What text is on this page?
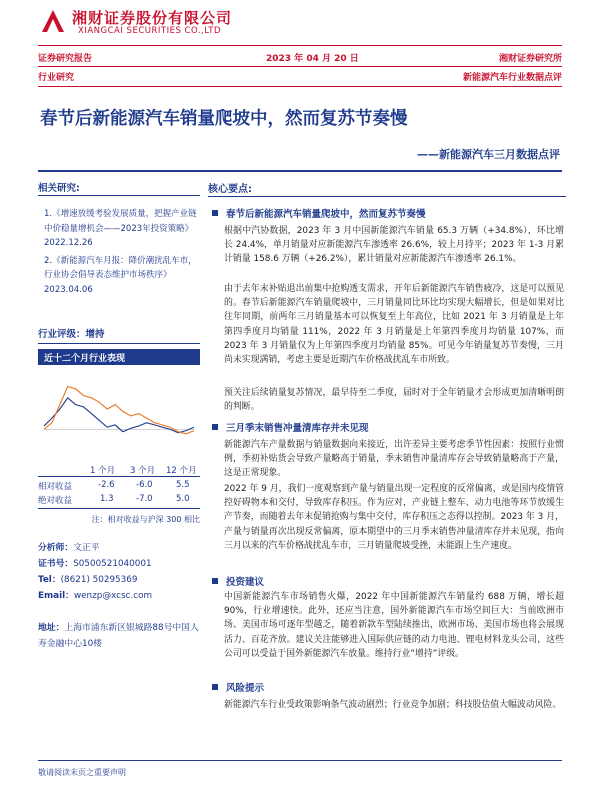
湘财证券股份有限公司
XIANGCAI SECURITIES CO.,LTD
证券研究报告	2023 年 04 月 20 日	湘财证券研究所
行业研究	新能源汽车行业数据点评
春节后新能源汽车销量爬坡中，然而复苏节奏慢
——新能源汽车三月数据点评
相关研究:
1.《增速放缓考验发展质量，把握产业链中价稳量增机会——2023年投资策略》2022.12.26
2.《新能源汽车月报：降价潮扰乱车市，行业协会倡导表态维护市场秩序》2023.04.06
行业评级：增持
近十二个月行业表现
1 个月 3 个月 12 个月
相对收益	-2.6	-6.0	5.5
绝对收益	1.3	-7.0	5.0
注：相对收益与沪深 300 相比
分析师：文正平
证书号：S0500521040001
Tel：(8621) 50295369
Email：wenzp@xcsc.com
地址：上海市浦东新区银城路88号中国人寿金融中心10楼
核心要点:
春节后新能源汽车销量爬坡中，然而复苏节奏慢
根据中汽协数据，2023 年 3 月中国新能源汽车销量 65.3 万辆（+34.8%），环比增长 24.4%，单月销量对应新能源汽车渗透率 26.6%，较上月持平；2023 年 1-3 月累计销量 158.6 万辆（+26.2%），累计销量对应新能源汽车渗透率 26.1%。
由于去年末补贴退出前集中抢购透支需求，开年后新能源汽车销售疲冷，这是可以预见的。春节后新能源汽车销量爬坡中，三月销量同比环比均实现大幅增长，但是如果对比往年同期，前两年三月销量基本可以恢复至上年高位，比如 2021 年 3 月销量是上年第四季度月均销量 111%，2022 年 3 月销量是上年第四季度月均销量 107%，而 2023 年 3 月销量仅为上年第四季度月均销量 85%。可见今年销量复苏节奏慢，三月尚未实现满销，考虑主要是近期汽车价格战扰乱车市所致。
预关注后续销量复苏情况，最早待至二季度，届时对于全年销量才会形成更加清晰明朗的判断。
三月季末销售冲量清库存并未见现
新能源汽车产量数据与销量数据向来接近，出许差异主要考虑季节性因素：按照行业惯例，季初补贴货会导致产量略高于销量，季末销售冲量清库存会导致销量略高于产量，这是正常现象。
2022 年 9 月，我们一度观察到产量与销量出现一定程度的反常偏离，或是国内疫情管控好碍物本和交付，导致库存积压。作为应对，产业链上整车、动力电池等环节放缓生产节奏，而随着去年末促销抢购与集中交付，库存积压之态得以控制。2023 年 3 月，产量与销量再次出现反常偏离，原本期望中的三月季末销售冲量清库存并未见现，指向三月以来的汽车价格战扰乱车市，三月销量爬坡受挫，未能跟上生产速度。
投资建议
中国新能源汽车市场销售火爆，2022 年中国新能源汽车销量约 688 万辆，增长超 90%，行业增速快。此外，还应当注意，国外新能源汽车市场空间巨大：当前欧洲市场、美国市场可逐年型越乏，随着新款车型陆续推出，欧洲市场、美国市场也将会展现活力、百花齐放。建议关注能够进入国际供应链的动力电池、锂电材料龙头公司，这些公司可以受益于国外新能源汽车放量。维持行业“增持”评级。
风险提示
新能源汽车行业受政策影响条气波动剧烈；行业竞争加剧；科技股估值大幅波动风险。
敬请阅读末页之重要声明
